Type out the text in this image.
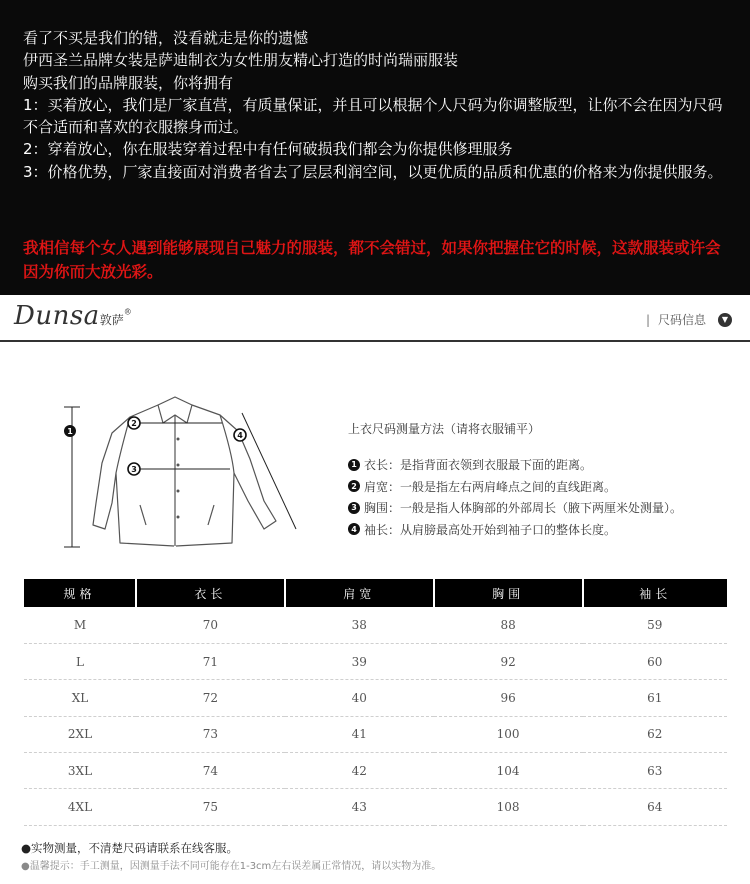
看了不买是我们的错，没看就走是你的遗憾

伊西圣兰品牌女装是萨迪制衣为女性朋友精心打造的时尚瑞丽服装

购买我们的品牌服装，你将拥有

1：买着放心，我们是厂家直营，有质量保证，并且可以根据个人尺码为你调整版型，让你不会在因为尺码不合适而和喜欢的衣服擦身而过。

2：穿着放心，你在服装穿着过程中有任何破损我们都会为你提供修理服务

3：价格优势，厂家直接面对消费者省去了层层利润空间，以更优质的品质和优惠的价格来为你提供服务。

我相信每个女人遇到能够展现自己魅力的服装，都不会错过，如果你把握住它的时候，这款服装或许会因为你而大放光彩。
Dunsa敦萨®
| 尺码信息	▼
1
2
3
4	上衣尺码测量方法（请将衣服铺平）
1 衣长：是指背面衣领到衣服最下面的距离。
2 肩宽：一般是指左右两肩峰点之间的直线距离。
3 胸围：一般是指人体胸部的外部周长（腋下两厘米处测量）。
4 袖长：从肩膀最高处开始到袖子口的整体长度。
规格	衣长	肩宽	胸围	袖长
M	70	38	88	59
L	71	39	92	60
XL	72	40	96	61
2XL	73	41	100	62
3XL	74	42	104	63
4XL	75	43	108	64
●实物测量，不清楚尺码请联系在线客服。
●温馨提示：手工测量，因测量手法不同可能存在1-3cm左右误差属正常情况，请以实物为准。
